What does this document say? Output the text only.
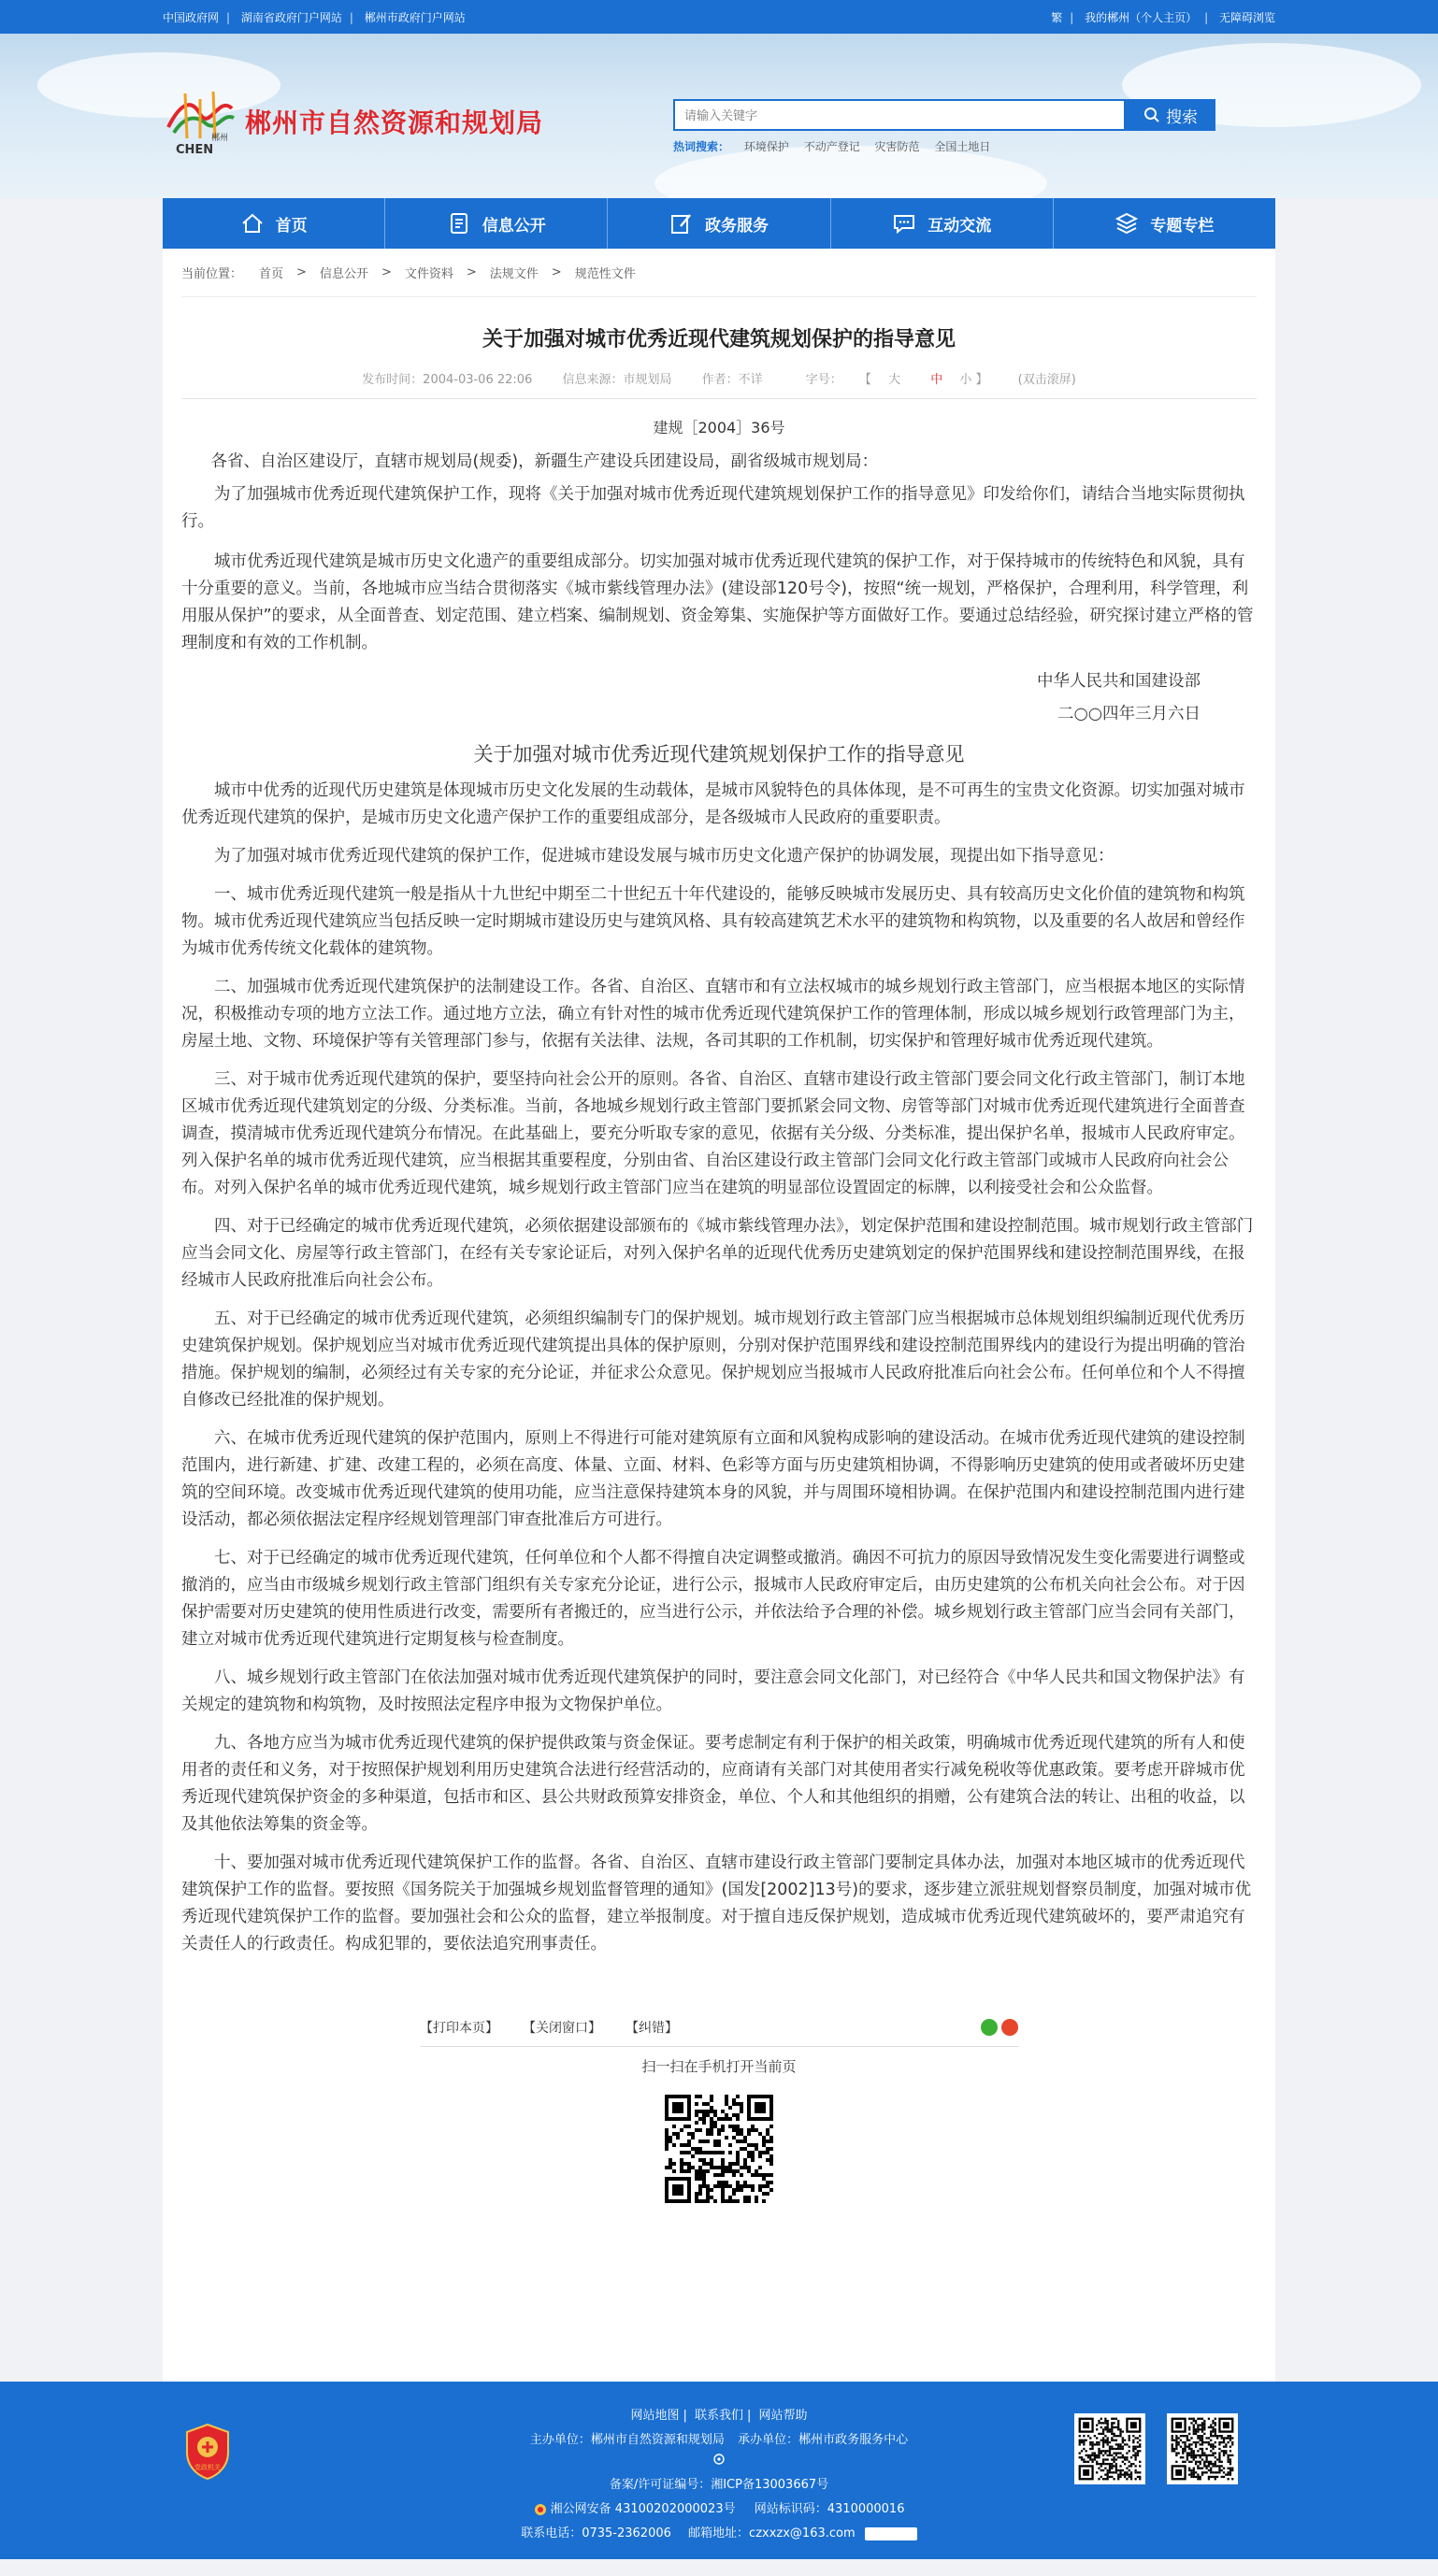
中国政府网 | 湖南省政府门户网站 | 郴州市政府门户网站	繁 | 我的郴州（个人主页） | 无障碍浏览
郴州
CHEN
郴州市自然资源和规划局
请输入关键字	搜索
热词搜索： 环境保护 不动产登记 灾害防范 全国土地日
首页	信息公开	政务服务	互动交流	专题专栏
当前位置： 首页 > 信息公开 > 文件资料 > 法规文件 > 规范性文件
关于加强对城市优秀近现代建筑规划保护的指导意见
发布时间：2004-03-06 22:06 信息来源：市规划局 作者：不详	字号： 【 大 中 小 】 (双击滚屏)

建规［2004］36号

各省、自治区建设厅，直辖市规划局(规委)，新疆生产建设兵团建设局，副省级城市规划局：

为了加强城市优秀近现代建筑保护工作，现将《关于加强对城市优秀近现代建筑规划保护工作的指导意见》印发给你们，请结合当地实际贯彻执行。

城市优秀近现代建筑是城市历史文化遗产的重要组成部分。切实加强对城市优秀近现代建筑的保护工作，对于保持城市的传统特色和风貌，具有十分重要的意义。当前，各地城市应当结合贯彻落实《城市紫线管理办法》(建设部120号令)，按照“统一规划，严格保护，合理利用，科学管理，利用服从保护”的要求，从全面普查、划定范围、建立档案、编制规划、资金筹集、实施保护等方面做好工作。要通过总结经验，研究探讨建立严格的管理制度和有效的工作机制。

中华人民共和国建设部

二○○四年三月六日

关于加强对城市优秀近现代建筑规划保护工作的指导意见

城市中优秀的近现代历史建筑是体现城市历史文化发展的生动载体，是城市风貌特色的具体体现，是不可再生的宝贵文化资源。切实加强对城市优秀近现代建筑的保护，是城市历史文化遗产保护工作的重要组成部分，是各级城市人民政府的重要职责。

为了加强对城市优秀近现代建筑的保护工作，促进城市建设发展与城市历史文化遗产保护的协调发展，现提出如下指导意见：

一、城市优秀近现代建筑一般是指从十九世纪中期至二十世纪五十年代建设的，能够反映城市发展历史、具有较高历史文化价值的建筑物和构筑物。城市优秀近现代建筑应当包括反映一定时期城市建设历史与建筑风格、具有较高建筑艺术水平的建筑物和构筑物，以及重要的名人故居和曾经作为城市优秀传统文化载体的建筑物。

二、加强城市优秀近现代建筑保护的法制建设工作。各省、自治区、直辖市和有立法权城市的城乡规划行政主管部门，应当根据本地区的实际情况，积极推动专项的地方立法工作。通过地方立法，确立有针对性的城市优秀近现代建筑保护工作的管理体制，形成以城乡规划行政管理部门为主，房屋土地、文物、环境保护等有关管理部门参与，依据有关法律、法规，各司其职的工作机制，切实保护和管理好城市优秀近现代建筑。

三、对于城市优秀近现代建筑的保护，要坚持向社会公开的原则。各省、自治区、直辖市建设行政主管部门要会同文化行政主管部门，制订本地区城市优秀近现代建筑划定的分级、分类标准。当前，各地城乡规划行政主管部门要抓紧会同文物、房管等部门对城市优秀近现代建筑进行全面普查调查，摸清城市优秀近现代建筑分布情况。在此基础上，要充分听取专家的意见，依据有关分级、分类标准，提出保护名单，报城市人民政府审定。列入保护名单的城市优秀近现代建筑，应当根据其重要程度，分别由省、自治区建设行政主管部门会同文化行政主管部门或城市人民政府向社会公布。对列入保护名单的城市优秀近现代建筑，城乡规划行政主管部门应当在建筑的明显部位设置固定的标牌，以利接受社会和公众监督。

四、对于已经确定的城市优秀近现代建筑，必须依据建设部颁布的《城市紫线管理办法》，划定保护范围和建设控制范围。城市规划行政主管部门应当会同文化、房屋等行政主管部门，在经有关专家论证后，对列入保护名单的近现代优秀历史建筑划定的保护范围界线和建设控制范围界线，在报经城市人民政府批准后向社会公布。

五、对于已经确定的城市优秀近现代建筑，必须组织编制专门的保护规划。城市规划行政主管部门应当根据城市总体规划组织编制近现代优秀历史建筑保护规划。保护规划应当对城市优秀近现代建筑提出具体的保护原则，分别对保护范围界线和建设控制范围界线内的建设行为提出明确的管治措施。保护规划的编制，必须经过有关专家的充分论证，并征求公众意见。保护规划应当报城市人民政府批准后向社会公布。任何单位和个人不得擅自修改已经批准的保护规划。

六、在城市优秀近现代建筑的保护范围内，原则上不得进行可能对建筑原有立面和风貌构成影响的建设活动。在城市优秀近现代建筑的建设控制范围内，进行新建、扩建、改建工程的，必须在高度、体量、立面、材料、色彩等方面与历史建筑相协调，不得影响历史建筑的使用或者破坏历史建筑的空间环境。改变城市优秀近现代建筑的使用功能，应当注意保持建筑本身的风貌，并与周围环境相协调。在保护范围内和建设控制范围内进行建设活动，都必须依据法定程序经规划管理部门审查批准后方可进行。

七、对于已经确定的城市优秀近现代建筑，任何单位和个人都不得擅自决定调整或撤消。确因不可抗力的原因导致情况发生变化需要进行调整或撤消的，应当由市级城乡规划行政主管部门组织有关专家充分论证，进行公示，报城市人民政府审定后，由历史建筑的公布机关向社会公布。对于因保护需要对历史建筑的使用性质进行改变，需要所有者搬迁的，应当进行公示，并依法给予合理的补偿。城乡规划行政主管部门应当会同有关部门，建立对城市优秀近现代建筑进行定期复核与检查制度。

八、城乡规划行政主管部门在依法加强对城市优秀近现代建筑保护的同时，要注意会同文化部门，对已经符合《中华人民共和国文物保护法》有关规定的建筑物和构筑物，及时按照法定程序申报为文物保护单位。

九、各地方应当为城市优秀近现代建筑的保护提供政策与资金保证。要考虑制定有利于保护的相关政策，明确城市优秀近现代建筑的所有人和使用者的责任和义务，对于按照保护规划利用历史建筑合法进行经营活动的，应商请有关部门对其使用者实行减免税收等优惠政策。要考虑开辟城市优秀近现代建筑保护资金的多种渠道，包括市和区、县公共财政预算安排资金，单位、个人和其他组织的捐赠，公有建筑合法的转让、出租的收益，以及其他依法筹集的资金等。

十、要加强对城市优秀近现代建筑保护工作的监督。各省、自治区、直辖市建设行政主管部门要制定具体办法，加强对本地区城市的优秀近现代建筑保护工作的监督。要按照《国务院关于加强城乡规划监督管理的通知》(国发[2002]13号)的要求，逐步建立派驻规划督察员制度，加强对城市优秀近现代建筑保护工作的监督。要加强社会和公众的监督，建立举报制度。对于擅自违反保护规划，造成城市优秀近现代建筑破坏的，要严肃追究有关责任人的行政责任。构成犯罪的，要依法追究刑事责任。

【打印本页】 【关闭窗口】 【纠错】
扫一扫在手机打开当前页
党政机关
网站地图 | 联系我们 | 网站帮助
主办单位：郴州市自然资源和规划局 承办单位：郴州市政务服务中心
备案/许可证编号：湘ICP备13003667号
湘公网安备 43100202000023号 网站标识码：4310000016
联系电话：0735-2362006 邮箱地址：czxxzx@163.com
